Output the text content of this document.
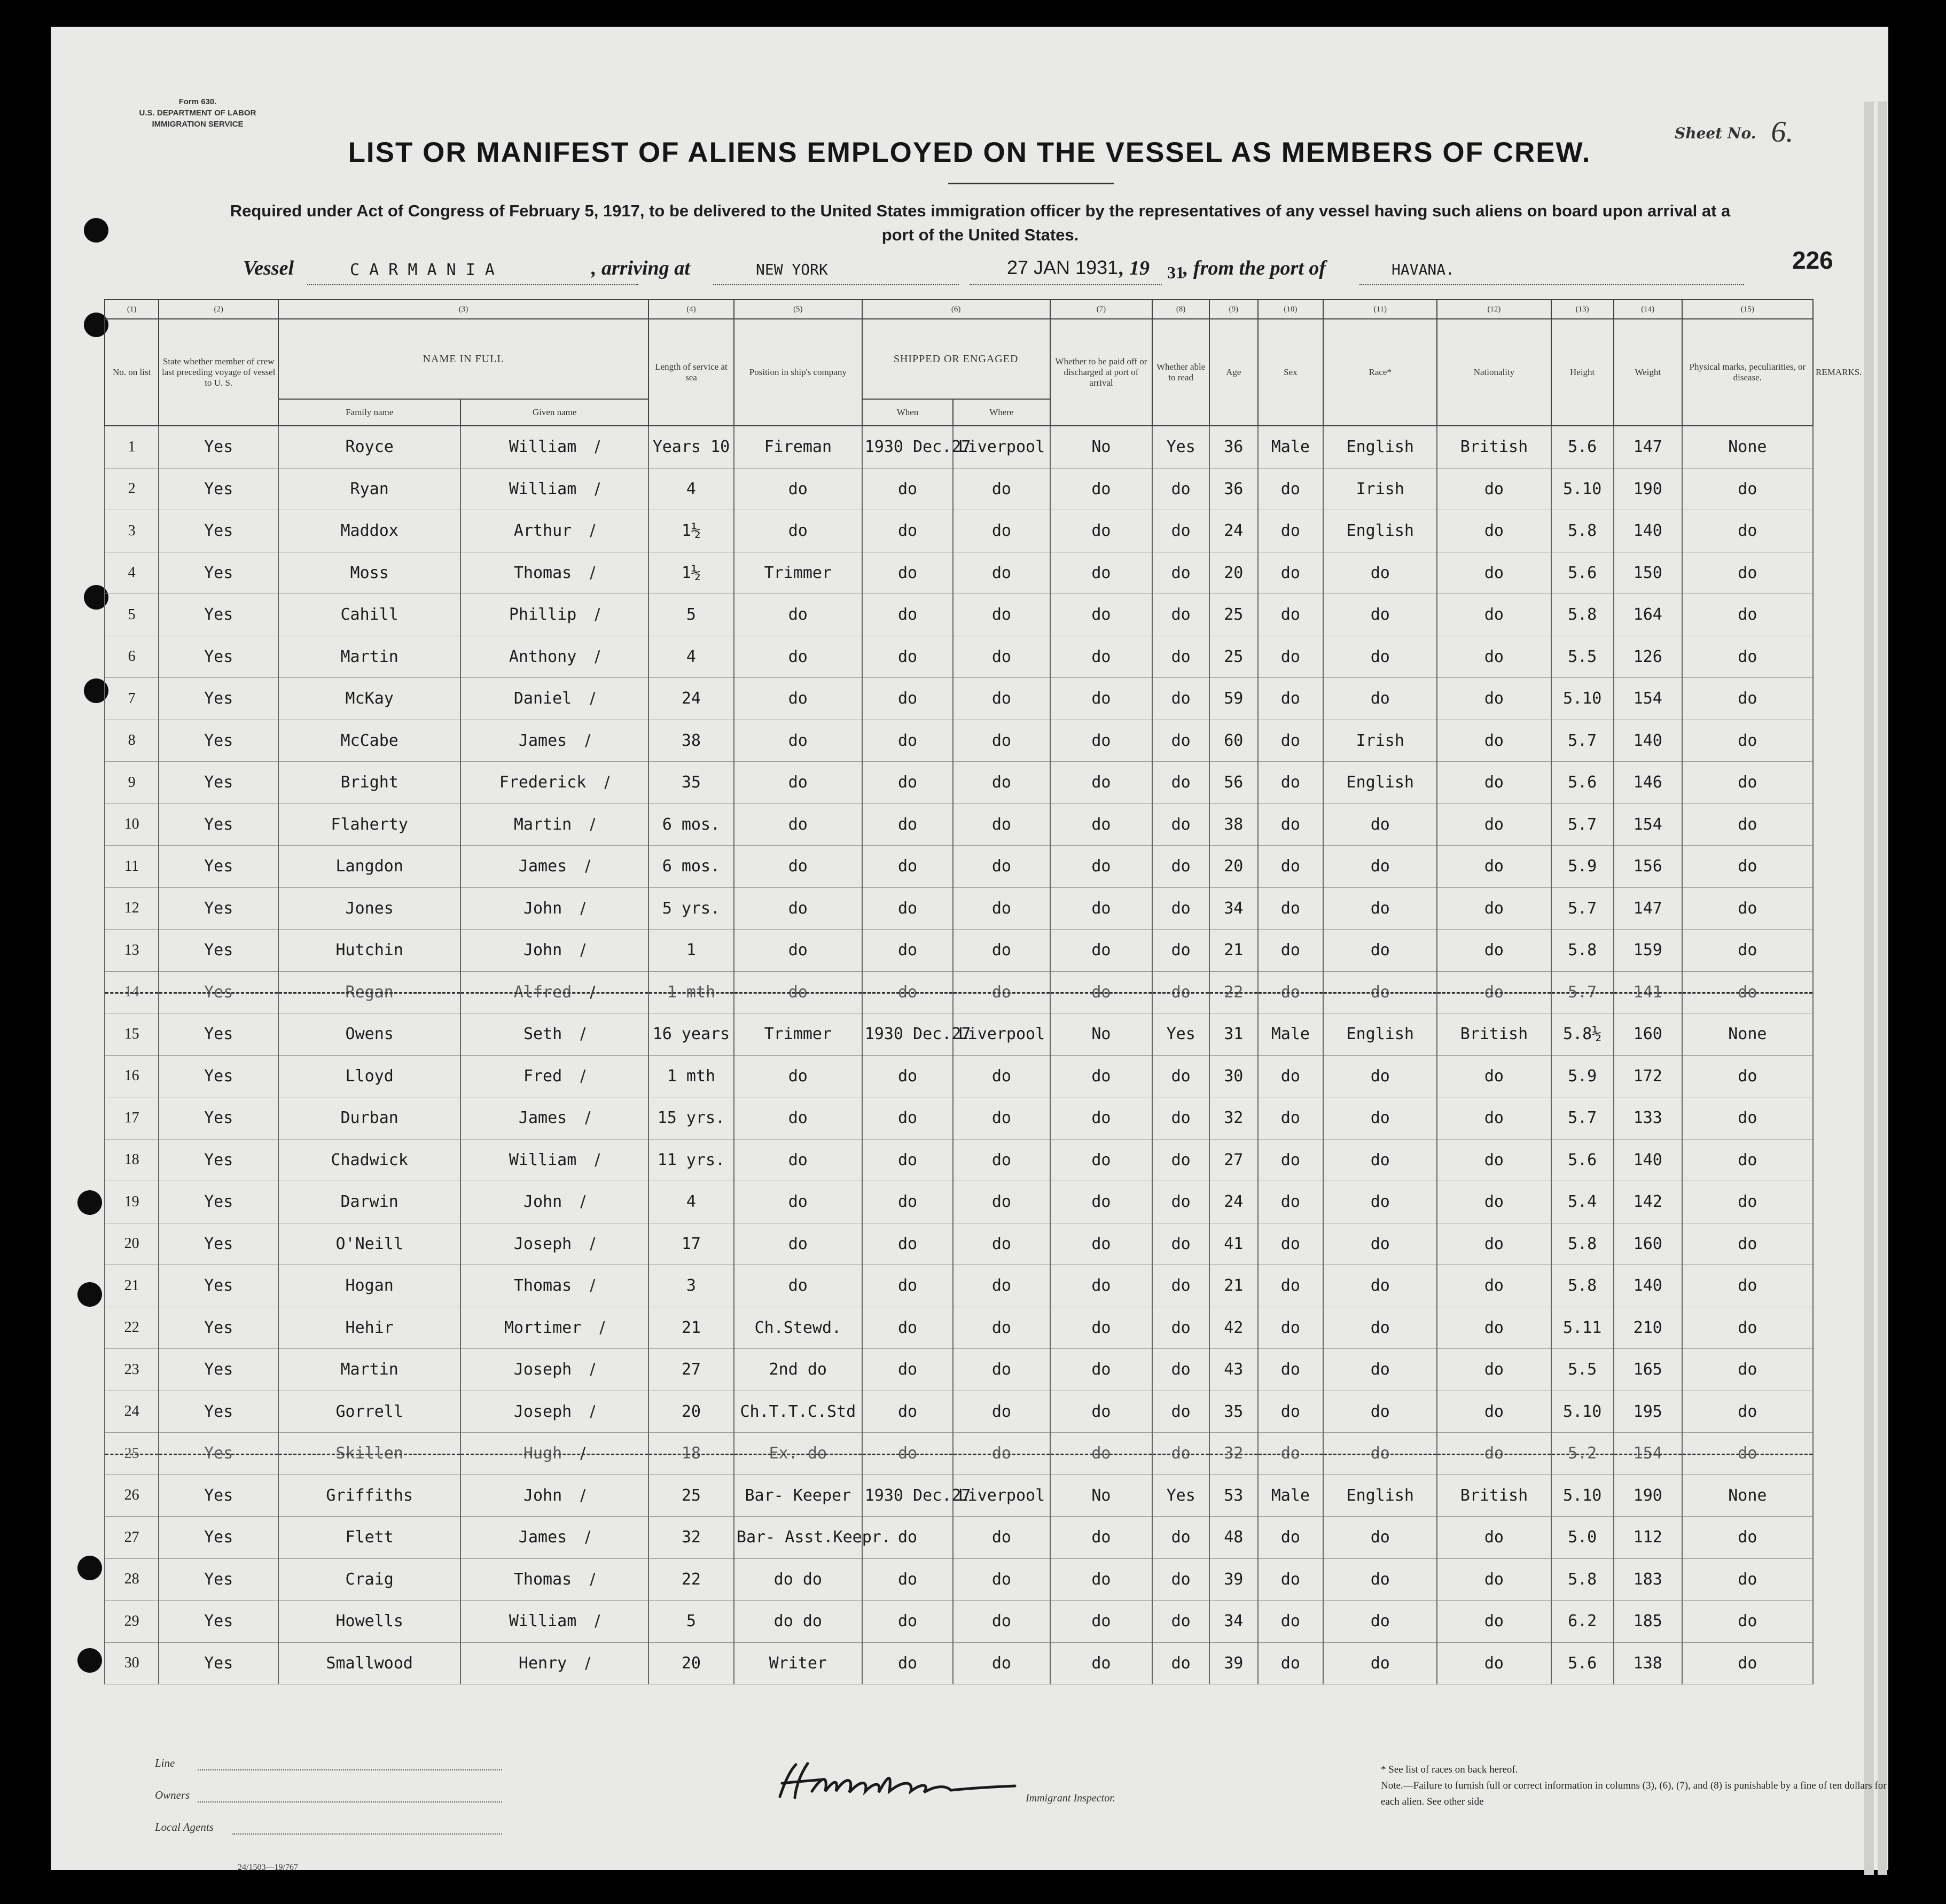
Form 630.
U.S. DEPARTMENT OF LABOR
IMMIGRATION SERVICE
Sheet No. 6.
LIST OR MANIFEST OF ALIENS EMPLOYED ON THE VESSEL AS MEMBERS OF CREW.
Required under Act of Congress of February 5, 1917, to be delivered to the United States immigration officer by the representatives of any vessel having such aliens on board upon arrival at a port of the United States.
Vessel	C A R M A N I A	, arriving at	NEW YORK	27 JAN 1931 , 19 31
, from the port of	HAVANA.	226
(1)	(2)	(3)		(4)	(5)	(6)		(7)	(8)	(9)	(10)	(11)	(12)	(13)	(14)	(15)	
No. on list	State whether member of crew last preceding voyage of vessel to U. S.	NAME IN FULL		Length of service at sea	Position in ship's company	SHIPPED OR ENGAGED		Whether to be paid off or discharged at port of arrival	Whether able to read	Age	Sex	Race*	Nationality	Height	Weight	Physical marks, peculiarities, or disease.	REMARKS.
		Family name	Given name			When	Where										
1	Yes	Royce	William ∕	Years 10	Fireman	1930 Dec.27	Liverpool	No	Yes	36	Male	English	British	5.6	147	None	
2	Yes	Ryan	William ∕	4	do	do	do	do	do	36	do	Irish	do	5.10	190	do	
3	Yes	Maddox	Arthur ∕	1½	do	do	do	do	do	24	do	English	do	5.8	140	do	
4	Yes	Moss	Thomas ∕	1½	Trimmer	do	do	do	do	20	do	do	do	5.6	150	do	
5	Yes	Cahill	Phillip ∕	5	do	do	do	do	do	25	do	do	do	5.8	164	do	
6	Yes	Martin	Anthony ∕	4	do	do	do	do	do	25	do	do	do	5.5	126	do	
7	Yes	McKay	Daniel ∕	24	do	do	do	do	do	59	do	do	do	5.10	154	do	
8	Yes	McCabe	James ∕	38	do	do	do	do	do	60	do	Irish	do	5.7	140	do	
9	Yes	Bright	Frederick ∕	35	do	do	do	do	do	56	do	English	do	5.6	146	do	
10	Yes	Flaherty	Martin ∕	6 mos.	do	do	do	do	do	38	do	do	do	5.7	154	do	
11	Yes	Langdon	James ∕	6 mos.	do	do	do	do	do	20	do	do	do	5.9	156	do	
12	Yes	Jones	John ∕	5 yrs.	do	do	do	do	do	34	do	do	do	5.7	147	do	
13	Yes	Hutchin	John ∕	1	do	do	do	do	do	21	do	do	do	5.8	159	do	
14	Yes	Regan	Alfred ∕	1 mth	do	do	do	do	do	22	do	do	do	5.7	141	do	
15	Yes	Owens	Seth ∕	16 years	Trimmer	1930 Dec.27	Liverpool	No	Yes	31	Male	English	British	5.8½	160	None	
16	Yes	Lloyd	Fred ∕	1 mth	do	do	do	do	do	30	do	do	do	5.9	172	do	
17	Yes	Durban	James ∕	15 yrs.	do	do	do	do	do	32	do	do	do	5.7	133	do	
18	Yes	Chadwick	William ∕	11 yrs.	do	do	do	do	do	27	do	do	do	5.6	140	do	
19	Yes	Darwin	John ∕	4	do	do	do	do	do	24	do	do	do	5.4	142	do	
20	Yes	O'Neill	Joseph ∕	17	do	do	do	do	do	41	do	do	do	5.8	160	do	
21	Yes	Hogan	Thomas ∕	3	do	do	do	do	do	21	do	do	do	5.8	140	do	
22	Yes	Hehir	Mortimer ∕	21	Ch.Stewd.	do	do	do	do	42	do	do	do	5.11	210	do	
23	Yes	Martin	Joseph ∕	27	2nd do	do	do	do	do	43	do	do	do	5.5	165	do	
24	Yes	Gorrell	Joseph ∕	20	Ch.T.T.C.Std	do	do	do	do	35	do	do	do	5.10	195	do	
25	Yes	Skillen	Hugh ∕	18	Ex. do	do	do	do	do	32	do	do	do	5.2	154	do	
26	Yes	Griffiths	John ∕	25	Bar- Keeper	1930 Dec.27	Liverpool	No	Yes	53	Male	English	British	5.10	190	None	
27	Yes	Flett	James ∕	32	Bar- Asst.Keepr.	do	do	do	do	48	do	do	do	5.0	112	do	
28	Yes	Craig	Thomas ∕	22	do do	do	do	do	do	39	do	do	do	5.8	183	do	
29	Yes	Howells	William ∕	5	do do	do	do	do	do	34	do	do	do	6.2	185	do	
30	Yes	Smallwood	Henry ∕	20	Writer	do	do	do	do	39	do	do	do	5.6	138	do	
Line
Owners
Local Agents
24/1503—19/767
Immigrant Inspector.
* See list of races on back hereof.
Note.—Failure to furnish full or correct information in columns (3), (6), (7), and (8) is punishable by a fine of ten dollars for each alien. See other side
